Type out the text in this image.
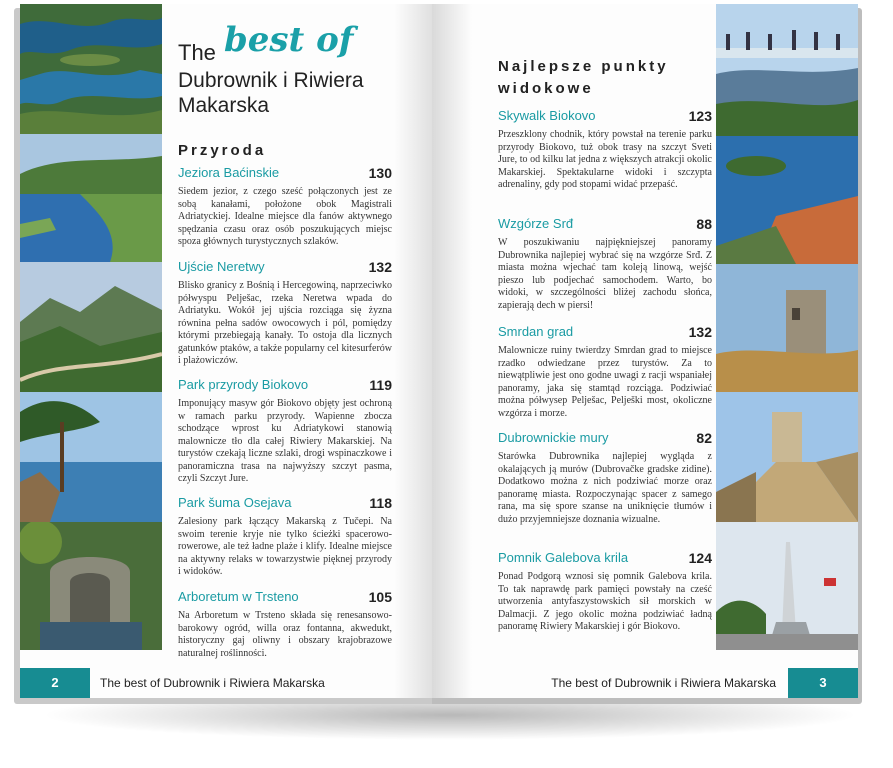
The best of
Dubrownik i Riwiera Makarska
Przyroda
Jeziora Baćinskie	130
Siedem jezior, z czego sześć połączonych jest ze sobą kanałami, położone obok Magistrali Adriatyckiej. Idealne miejsce dla fanów aktywnego spędzania czasu oraz osób poszukujących miejsc spoza głównych turystycznych szlaków.
Ujście Neretwy	132
Blisko granicy z Bośnią i Hercegowiną, naprzeciwko półwyspu Pelješac, rzeka Neretwa wpada do Adriatyku. Wokół jej ujścia rozciąga się żyzna równina pełna sadów owocowych i pól, pomiędzy którymi przebiegają kanały. To ostoja dla licznych gatunków ptaków, a także popularny cel kitesurferów i plażowiczów.
Park przyrody Biokovo	119
Imponujący masyw gór Biokovo objęty jest ochroną w ramach parku przyrody. Wapienne zbocza schodzące wprost ku Adriatykowi stanowią malownicze tło dla całej Riwiery Makarskiej. Na turystów czekają liczne szlaki, drogi wspinaczkowe i panoramiczna trasa na najwyższy szczyt pasma, czyli Szczyt Jure.
Park šuma Osejava	118
Zalesiony park łączący Makarską z Tučepi. Na swoim terenie kryje nie tylko ścieżki spacerowo-rowerowe, ale też ładne plaże i klify. Idealne miejsce na aktywny relaks w towarzystwie pięknej przyrody i widoków.
Arboretum w Trsteno	105
Na Arboretum w Trsteno składa się renesansowo-barokowy ogród, willa oraz fontanna, akwedukt, historyczny gaj oliwny i obszary krajobrazowe naturalnej roślinności.
2	The best of Dubrownik i Riwiera Makarska
Najlepsze punkty widokowe
Skywalk Biokovo	123
Przeszklony chodnik, który powstał na terenie parku przyrody Biokovo, tuż obok trasy na szczyt Sveti Jure, to od kilku lat jedna z większych atrakcji okolic Makarskiej. Spektakularne widoki i szczypta adrenaliny, gdy pod stopami widać przepaść.
Wzgórze Srđ	88
W poszukiwaniu najpiękniejszej panoramy Dubrownika najlepiej wybrać się na wzgórze Srđ. Z miasta można wjechać tam koleją linową, wejść pieszo lub podjechać samochodem. Warto, bo widoki, w szczególności bliżej zachodu słońca, zapierają dech w piersi!
Smrdan grad	132
Malownicze ruiny twierdzy Smrdan grad to miejsce rzadko odwiedzane przez turystów. Za to niewątpliwie jest ono godne uwagi z racji wspaniałej panoramy, jaka się stamtąd rozciąga. Podziwiać można półwysep Pelješac, Pelješki most, okoliczne wzgórza i morze.
Dubrownickie mury	82
Starówka Dubrownika najlepiej wygląda z okalających ją murów (Dubrovačke gradske zidine). Dodatkowo można z nich podziwiać morze oraz panoramę miasta. Rozpoczynając spacer z samego rana, ma się spore szanse na uniknięcie tłumów i dużo przyjemniejsze doznania wizualne.
Pomnik Galebova krila	124
Ponad Podgorą wznosi się pomnik Galebova krila. To tak naprawdę park pamięci powstały na cześć utworzenia antyfaszystowskich sił morskich w Dalmacji. Z jego okolic można podziwiać ładną panoramę Riwiery Makarskiej i gór Biokovo.
The best of Dubrownik i Riwiera Makarska	3
